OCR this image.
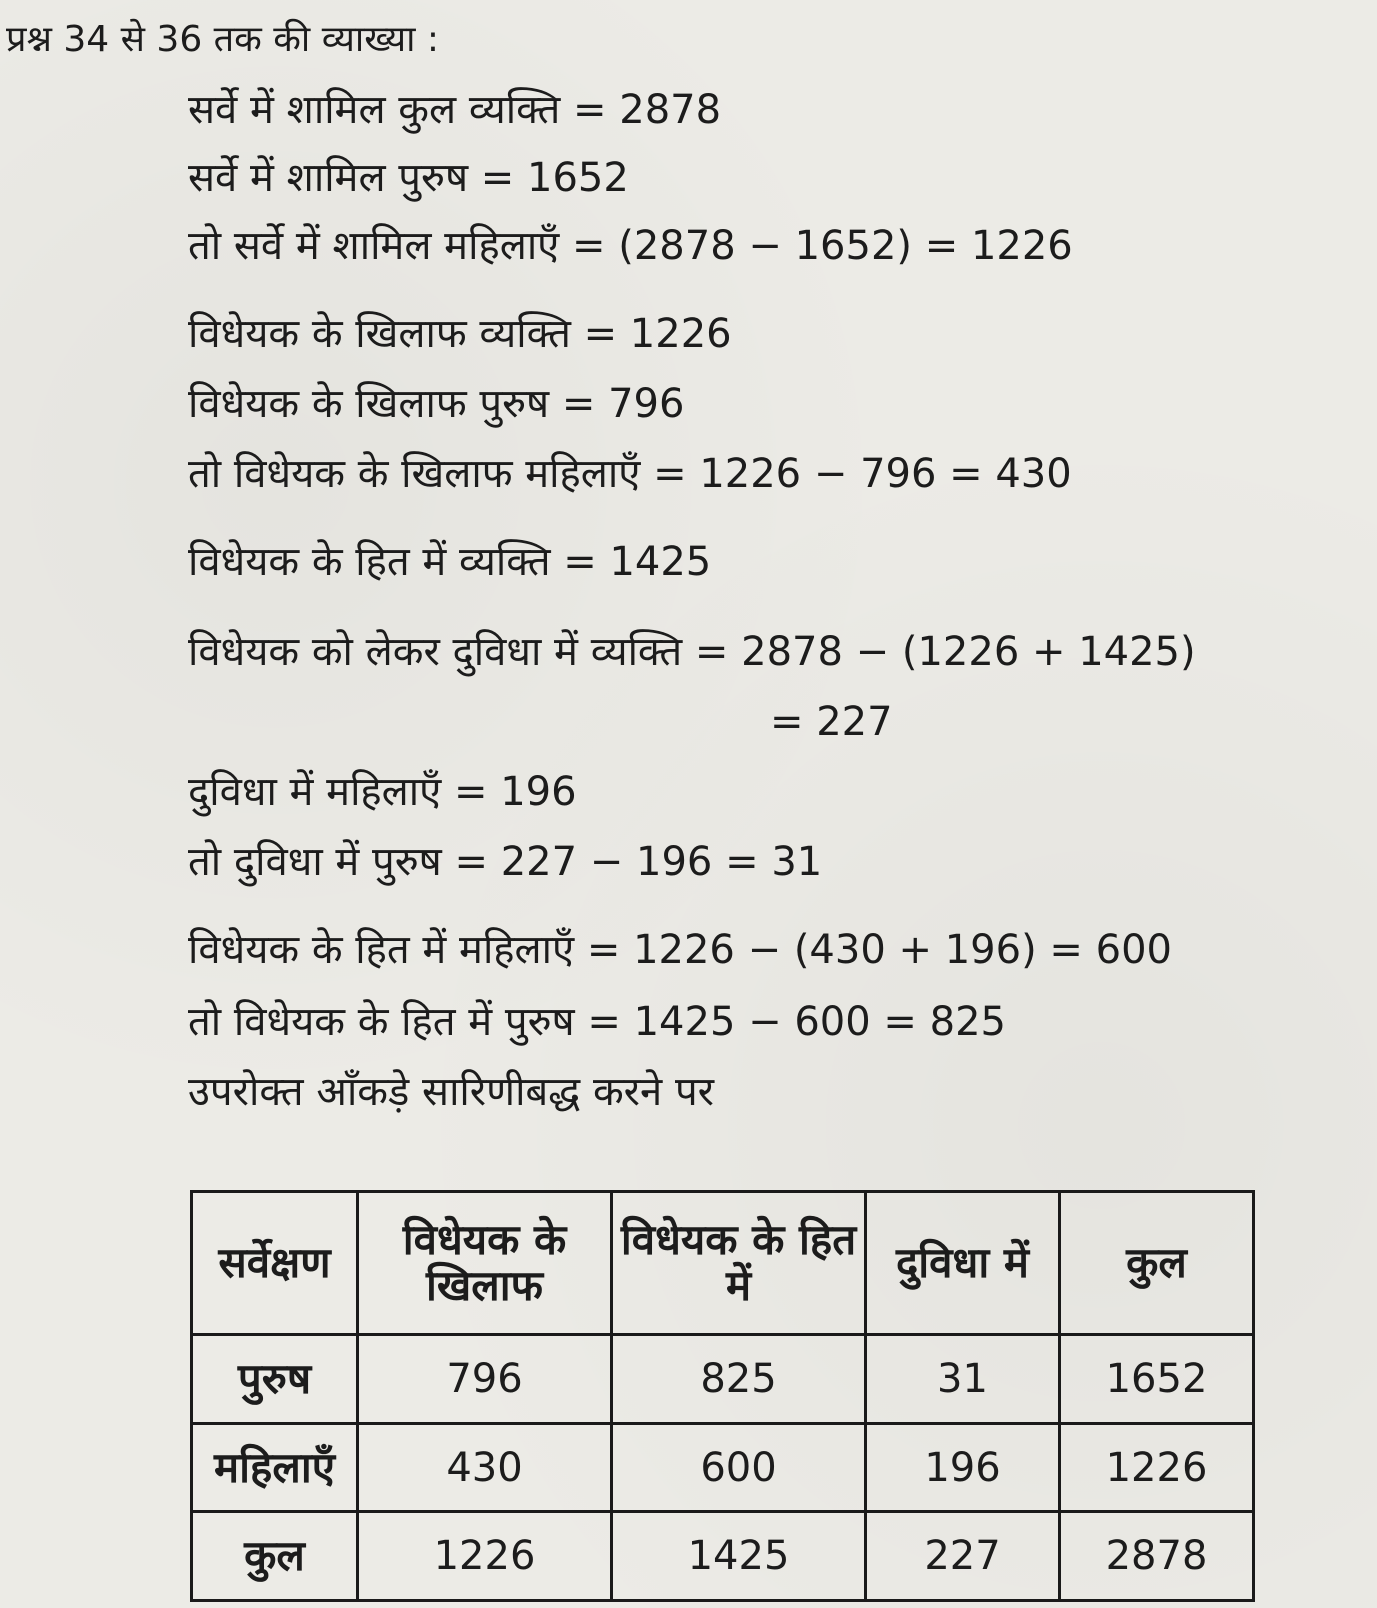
प्रश्न 34 से 36 तक की व्याख्या :
सर्वे में शामिल कुल व्यक्ति = 2878
सर्वे में शामिल पुरुष = 1652
तो सर्वे में शामिल महिलाएँ = (2878 − 1652) = 1226
विधेयक के खिलाफ व्यक्ति = 1226
विधेयक के खिलाफ पुरुष = 796
तो विधेयक के खिलाफ महिलाएँ = 1226 − 796 = 430
विधेयक के हित में व्यक्ति = 1425
विधेयक को लेकर दुविधा में व्यक्ति = 2878 − (1226 + 1425)
= 227
दुविधा में महिलाएँ = 196
तो दुविधा में पुरुष = 227 − 196 = 31
विधेयक के हित में महिलाएँ = 1226 − (430 + 196) = 600
तो विधेयक के हित में पुरुष = 1425 − 600 = 825
उपरोक्त आँकड़े सारिणीबद्ध करने पर
सर्वेक्षण	विधेयक के खिलाफ	विधेयक के हित में	दुविधा में	कुल
पुरुष	796	825	31	1652
महिलाएँ	430	600	196	1226
कुल	1226	1425	227	2878
